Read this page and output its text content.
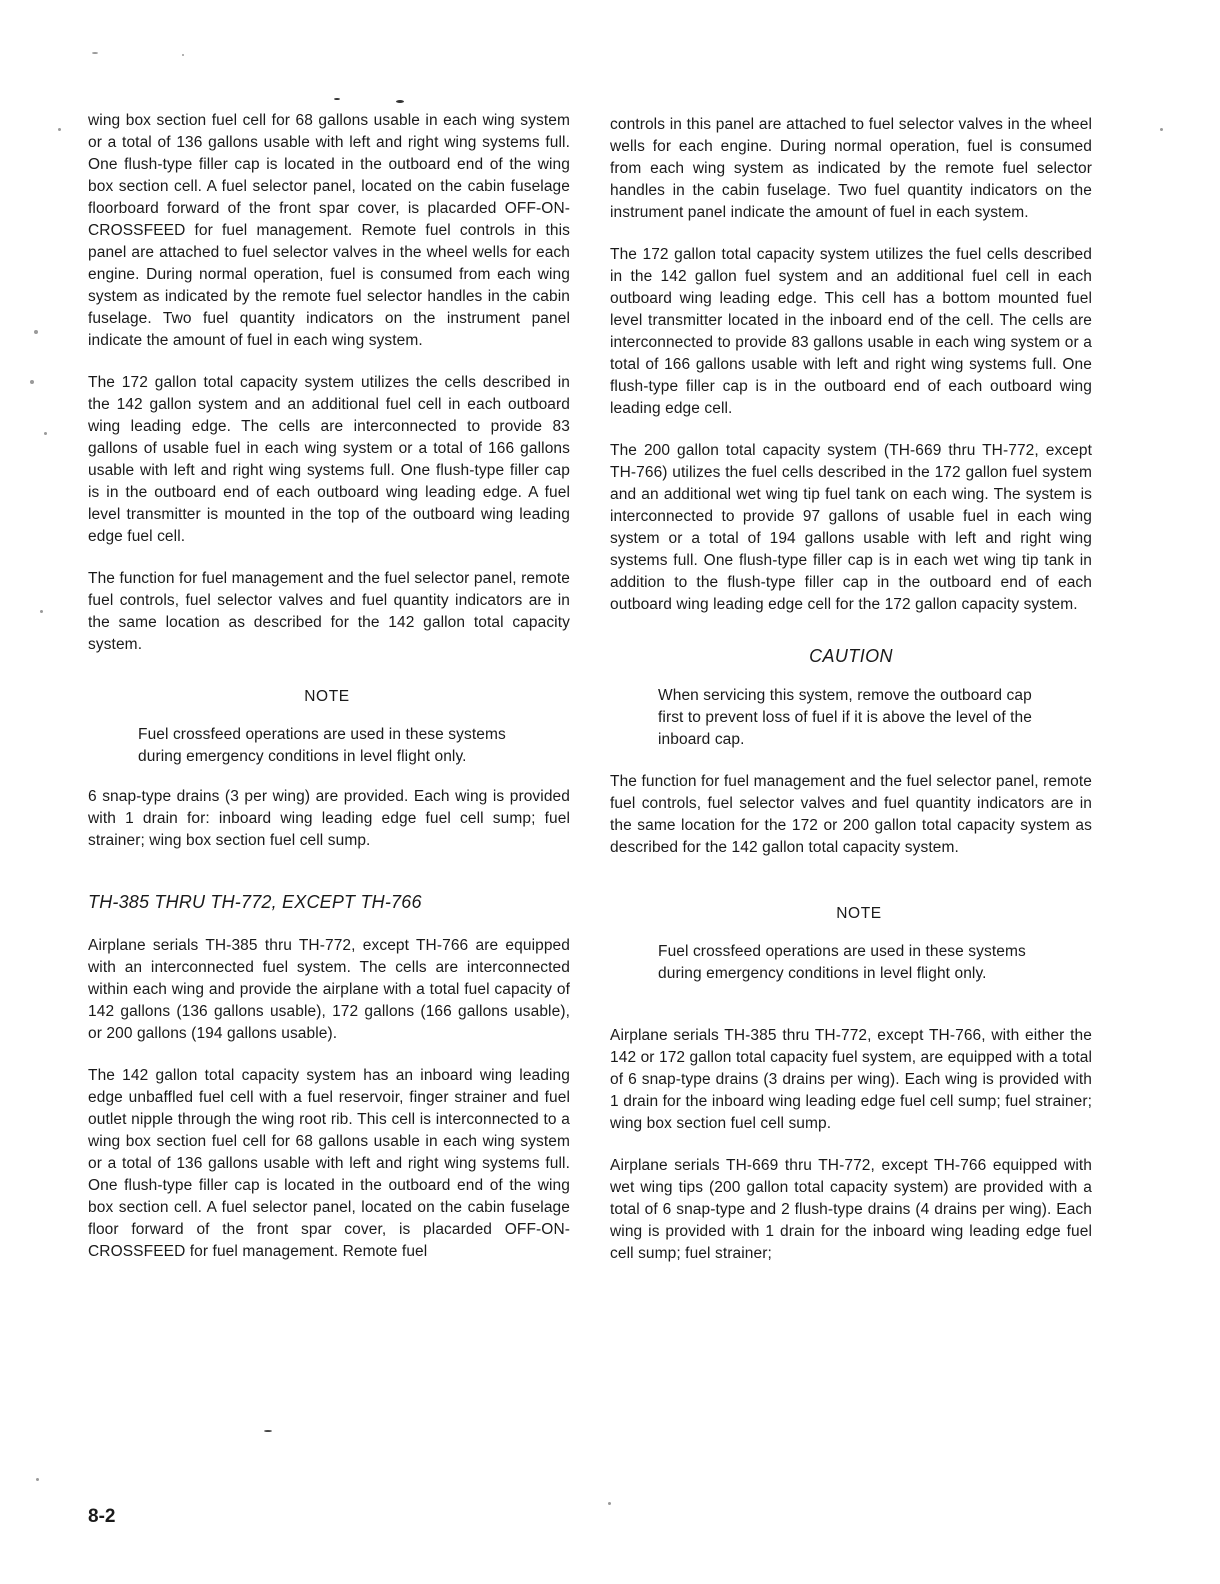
wing box section fuel cell for 68 gallons usable in each wing system or a total of 136 gallons usable with left and right wing systems full. One flush-type filler cap is located in the outboard end of the wing box section cell. A fuel selector panel, located on the cabin fuselage floorboard forward of the front spar cover, is placarded OFF-ON-CROSSFEED for fuel management. Remote fuel controls in this panel are attached to fuel selector valves in the wheel wells for each engine. During normal operation, fuel is consumed from each wing system as indicated by the remote fuel selector handles in the cabin fuselage. Two fuel quantity indicators on the instrument panel indicate the amount of fuel in each wing system.

The 172 gallon total capacity system utilizes the cells described in the 142 gallon system and an additional fuel cell in each outboard wing leading edge. The cells are interconnected to provide 83 gallons of usable fuel in each wing system or a total of 166 gallons usable with left and right wing systems full. One flush-type filler cap is in the outboard end of each outboard wing leading edge. A fuel level transmitter is mounted in the top of the outboard wing leading edge fuel cell.

The function for fuel management and the fuel selector panel, remote fuel controls, fuel selector valves and fuel quantity indicators are in the same location as described for the 142 gallon total capacity system.

NOTE

Fuel crossfeed operations are used in these systems during emergency conditions in level flight only.

6 snap-type drains (3 per wing) are provided. Each wing is provided with 1 drain for: inboard wing leading edge fuel cell sump; fuel strainer; wing box section fuel cell sump.

TH-385 THRU TH-772, EXCEPT TH-766

Airplane serials TH-385 thru TH-772, except TH-766 are equipped with an interconnected fuel system. The cells are interconnected within each wing and provide the airplane with a total fuel capacity of 142 gallons (136 gallons usable), 172 gallons (166 gallons usable), or 200 gallons (194 gallons usable).

The 142 gallon total capacity system has an inboard wing leading edge unbaffled fuel cell with a fuel reservoir, finger strainer and fuel outlet nipple through the wing root rib. This cell is interconnected to a wing box section fuel cell for 68 gallons usable in each wing system or a total of 136 gallons usable with left and right wing systems full. One flush-type filler cap is located in the outboard end of the wing box section cell. A fuel selector panel, located on the cabin fuselage floor forward of the front spar cover, is placarded OFF-ON-CROSSFEED for fuel management. Remote fuel

controls in this panel are attached to fuel selector valves in the wheel wells for each engine. During normal operation, fuel is consumed from each wing system as indicated by the remote fuel selector handles in the cabin fuselage. Two fuel quantity indicators on the instrument panel indicate the amount of fuel in each system.

The 172 gallon total capacity system utilizes the fuel cells described in the 142 gallon fuel system and an additional fuel cell in each outboard wing leading edge. This cell has a bottom mounted fuel level transmitter located in the inboard end of the cell. The cells are interconnected to provide 83 gallons usable in each wing system or a total of 166 gallons usable with left and right wing systems full. One flush-type filler cap is in the outboard end of each outboard wing leading edge cell.

The 200 gallon total capacity system (TH-669 thru TH-772, except TH-766) utilizes the fuel cells described in the 172 gallon fuel system and an additional wet wing tip fuel tank on each wing. The system is interconnected to provide 97 gallons of usable fuel in each wing system or a total of 194 gallons usable with left and right wing systems full. One flush-type filler cap is in each wet wing tip tank in addition to the flush-type filler cap in the outboard end of each outboard wing leading edge cell for the 172 gallon capacity system.

CAUTION

When servicing this system, remove the outboard cap first to prevent loss of fuel if it is above the level of the inboard cap.

The function for fuel management and the fuel selector panel, remote fuel controls, fuel selector valves and fuel quantity indicators are in the same location for the 172 or 200 gallon total capacity system as described for the 142 gallon total capacity system.

NOTE

Fuel crossfeed operations are used in these systems during emergency conditions in level flight only.

Airplane serials TH-385 thru TH-772, except TH-766, with either the 142 or 172 gallon total capacity fuel system, are equipped with a total of 6 snap-type drains (3 drains per wing). Each wing is provided with 1 drain for the inboard wing leading edge fuel cell sump; fuel strainer; wing box section fuel cell sump.

Airplane serials TH-669 thru TH-772, except TH-766 equipped with wet wing tips (200 gallon total capacity system) are provided with a total of 6 snap-type and 2 flush-type drains (4 drains per wing). Each wing is provided with 1 drain for the inboard wing leading edge fuel cell sump; fuel strainer;

8-2
